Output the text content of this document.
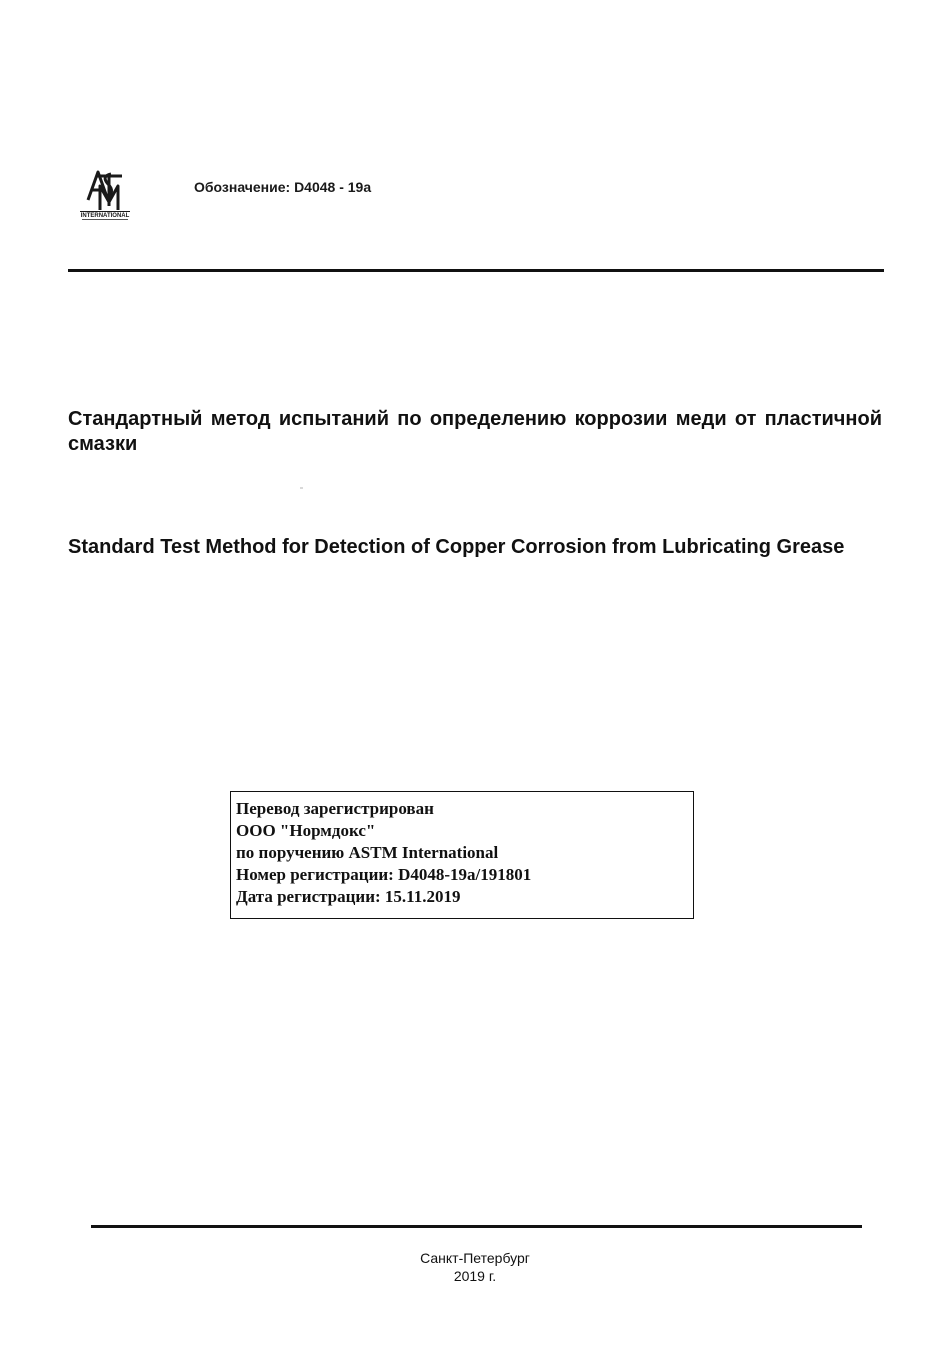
INTERNATIONAL
Обозначение: D4048 - 19a
Стандартный метод испытаний по определению коррозии меди от пластичной смазки
Standard Test Method for Detection of Copper Corrosion from Lubricating Grease
Перевод зарегистрирован
ООО "Нормдокс"
по поручению ASTM International
Номер регистрации: D4048-19a/191801
Дата регистрации: 15.11.2019
Санкт-Петербург
2019 г.
